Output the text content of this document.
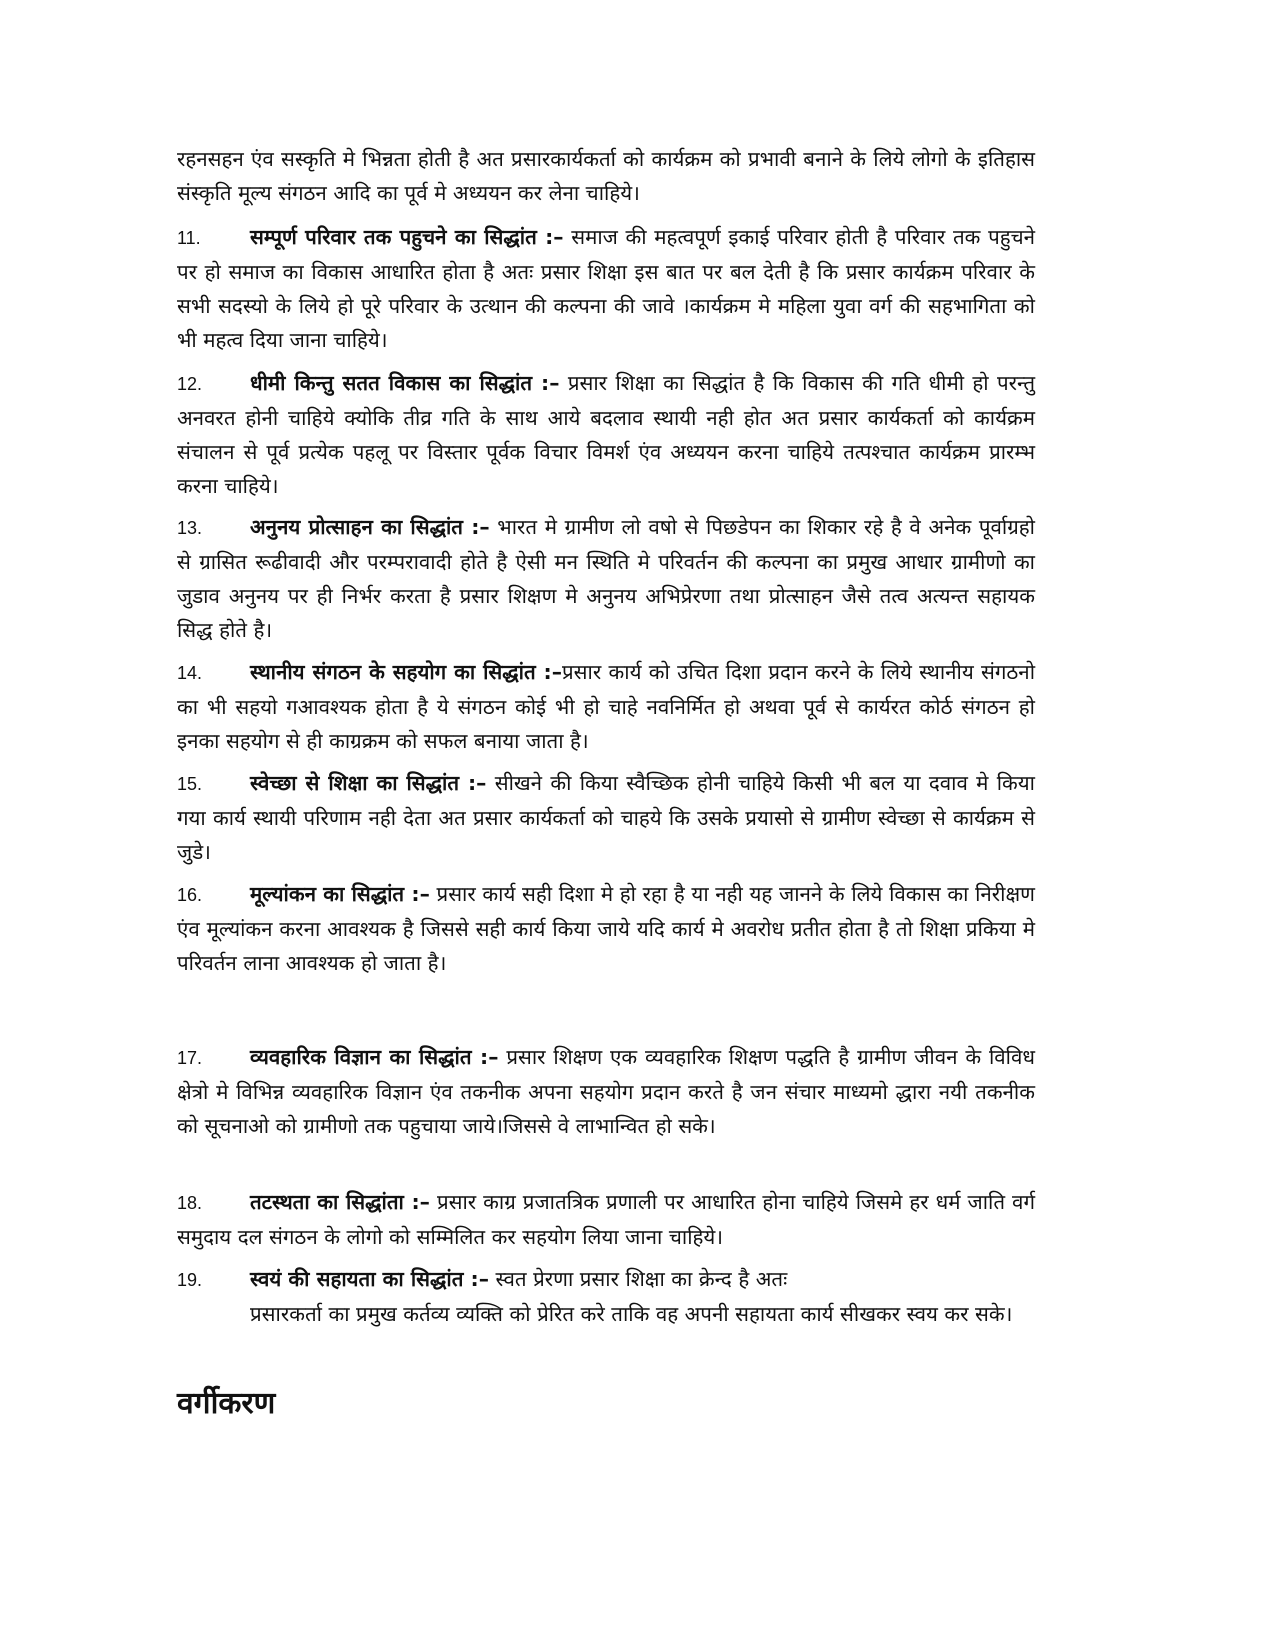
रहनसहन एंव सस्कृति मे भिन्नता होती है अत प्रसारकार्यकर्ता को कार्यक्रम को प्रभावी बनाने के लिये लोगो के इतिहास संस्कृति मूल्य संगठन आदि का पूर्व मे अध्ययन कर लेना चाहिये।

11. सम्पूर्ण परिवार तक पहुचने का सिद्धांत :– समाज की महत्वपूर्ण इकाई परिवार होती है परिवार तक पहुचने पर हो समाज का विकास आधारित होता है अतः प्रसार शिक्षा इस बात पर बल देती है कि प्रसार कार्यक्रम परिवार के सभी सदस्यो के लिये हो पूरे परिवार के उत्थान की कल्पना की जावे ।कार्यक्रम मे महिला युवा वर्ग की सहभागिता को भी महत्व दिया जाना चाहिये।

12. धीमी किन्तु सतत विकास का सिद्धांत :– प्रसार शिक्षा का सिद्धांत है कि विकास की गति धीमी हो परन्तु अनवरत होनी चाहिये क्योकि तीव्र गति के साथ आये बदलाव स्थायी नही होत अत प्रसार कार्यकर्ता को कार्यक्रम संचालन से पूर्व प्रत्येक पहलू पर विस्तार पूर्वक विचार विमर्श एंव अध्ययन करना चाहिये तत्पश्चात कार्यक्रम प्रारम्भ करना चाहिये।

13. अनुनय प्रोत्साहन का सिद्धांत :– भारत मे ग्रामीण लो वषो से पिछडेपन का शिकार रहे है वे अनेक पूर्वाग्रहो से ग्रासित रूढीवादी और परम्परावादी होते है ऐसी मन स्थिति मे परिवर्तन की कल्पना का प्रमुख आधार ग्रामीणो का जुडाव अनुनय पर ही निर्भर करता है प्रसार शिक्षण मे अनुनय अभिप्रेरणा तथा प्रोत्साहन जैसे तत्व अत्यन्त सहायक सिद्ध होते है।

14. स्थानीय संगठन के सहयोग का सिद्धांत :–प्रसार कार्य को उचित दिशा प्रदान करने के लिये स्थानीय संगठनो का भी सहयो गआवश्यक होता है ये संगठन कोई भी हो चाहे नवनिर्मित हो अथवा पूर्व से कार्यरत कोर्ठ संगठन हो इनका सहयोग से ही काग्रक्रम को सफल बनाया जाता है।

15. स्वेच्छा से शिक्षा का सिद्धांत :– सीखने की किया स्वैच्छिक होनी चाहिये किसी भी बल या दवाव मे किया गया कार्य स्थायी परिणाम नही देता अत प्रसार कार्यकर्ता को चाहये कि उसके प्रयासो से ग्रामीण स्वेच्छा से कार्यक्रम से जुडे।

16. मूल्यांकन का सिद्धांत :– प्रसार कार्य सही दिशा मे हो रहा है या नही यह जानने के लिये विकास का निरीक्षण एंव मूल्यांकन करना आवश्यक है जिससे सही कार्य किया जाये यदि कार्य मे अवरोध प्रतीत होता है तो शिक्षा प्रकिया मे परिवर्तन लाना आवश्यक हो जाता है।

17. व्यवहारिक विज्ञान का सिद्धांत :– प्रसार शिक्षण एक व्यवहारिक शिक्षण पद्धति है ग्रामीण जीवन के विविध क्षेत्रो मे विभिन्न व्यवहारिक विज्ञान एंव तकनीक अपना सहयोग प्रदान करते है जन संचार माध्यमो द्धारा नयी तकनीक को सूचनाओ को ग्रामीणो तक पहुचाया जाये।जिससे वे लाभान्वित हो सके।

18. तटस्थता का सिद्धांता :– प्रसार काग्र प्रजातत्रिक प्रणाली पर आधारित होना चाहिये जिसमे हर धर्म जाति वर्ग समुदाय दल संगठन के लोगो को सम्मिलित कर सहयोग लिया जाना चाहिये।

19. स्वयं की सहायता का सिद्धांत :– स्वत प्रेरणा प्रसार शिक्षा का क्रेन्द है अतः
प्रसारकर्ता का प्रमुख कर्तव्य व्यक्ति को प्रेरित करे ताकि वह अपनी सहायता कार्य सीखकर स्वय कर सके।

वर्गीकरण
